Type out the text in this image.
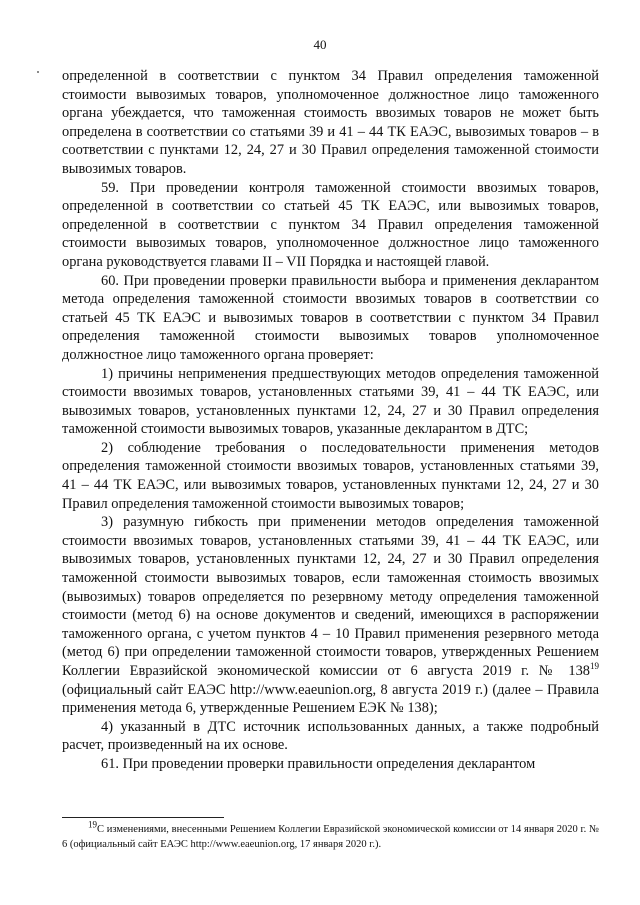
40

определенной в соответствии с пунктом 34 Правил определения таможенной стоимости вывозимых товаров, уполномоченное должностное лицо таможенного органа убеждается, что таможенная стоимость ввозимых товаров не может быть определена в соответствии со статьями 39 и 41 – 44 ТК ЕАЭС, вывозимых товаров – в соответствии с пунктами 12, 24, 27 и 30 Правил определения таможенной стоимости вывозимых товаров.

59. При проведении контроля таможенной стоимости ввозимых товаров, определенной в соответствии со статьей 45 ТК ЕАЭС, или вывозимых товаров, определенной в соответствии с пунктом 34 Правил определения таможенной стоимости вывозимых товаров, уполномоченное должностное лицо таможенного органа руководствуется главами II – VII Порядка и настоящей главой.

60. При проведении проверки правильности выбора и применения декларантом метода определения таможенной стоимости ввозимых товаров в соответствии со статьей 45 ТК ЕАЭС и вывозимых товаров в соответствии с пунктом 34 Правил определения таможенной стоимости вывозимых товаров уполномоченное должностное лицо таможенного органа проверяет:

1) причины неприменения предшествующих методов определения таможенной стоимости ввозимых товаров, установленных статьями 39, 41 – 44 ТК ЕАЭС, или вывозимых товаров, установленных пунктами 12, 24, 27 и 30 Правил определения таможенной стоимости вывозимых товаров, указанные декларантом в ДТС;

2) соблюдение требования о последовательности применения методов определения таможенной стоимости ввозимых товаров, установленных статьями 39, 41 – 44 ТК ЕАЭС, или вывозимых товаров, установленных пунктами 12, 24, 27 и 30 Правил определения таможенной стоимости вывозимых товаров;

3) разумную гибкость при применении методов определения таможенной стоимости ввозимых товаров, установленных статьями 39, 41 – 44 ТК ЕАЭС, или вывозимых товаров, установленных пунктами 12, 24, 27 и 30 Правил определения таможенной стоимости вывозимых товаров, если таможенная стоимость ввозимых (вывозимых) товаров определяется по резервному методу определения таможенной стоимости (метод 6) на основе документов и сведений, имеющихся в распоряжении таможенного органа, с учетом пунктов 4 – 10 Правил применения резервного метода (метод 6) при определении таможенной стоимости товаров, утвержденных Решением Коллегии Евразийской экономической комиссии от 6 августа 2019 г. № $138^{19}$ (официальный сайт ЕАЭС http://www.eaeunion.org, 8 августа 2019 г.) (далее – Правила применения метода 6, утвержденные Решением ЕЭК № 138);

4) указанный в ДТС источник использованных данных, а также подробный расчет, произведенный на их основе.

61. При проведении проверки правильности определения декларантом

$^{19}$С изменениями, внесенными Решением Коллегии Евразийской экономической комиссии от 14 января 2020 г. № 6 (официальный сайт ЕАЭС http://www.eaeunion.org, 17 января 2020 г.).
